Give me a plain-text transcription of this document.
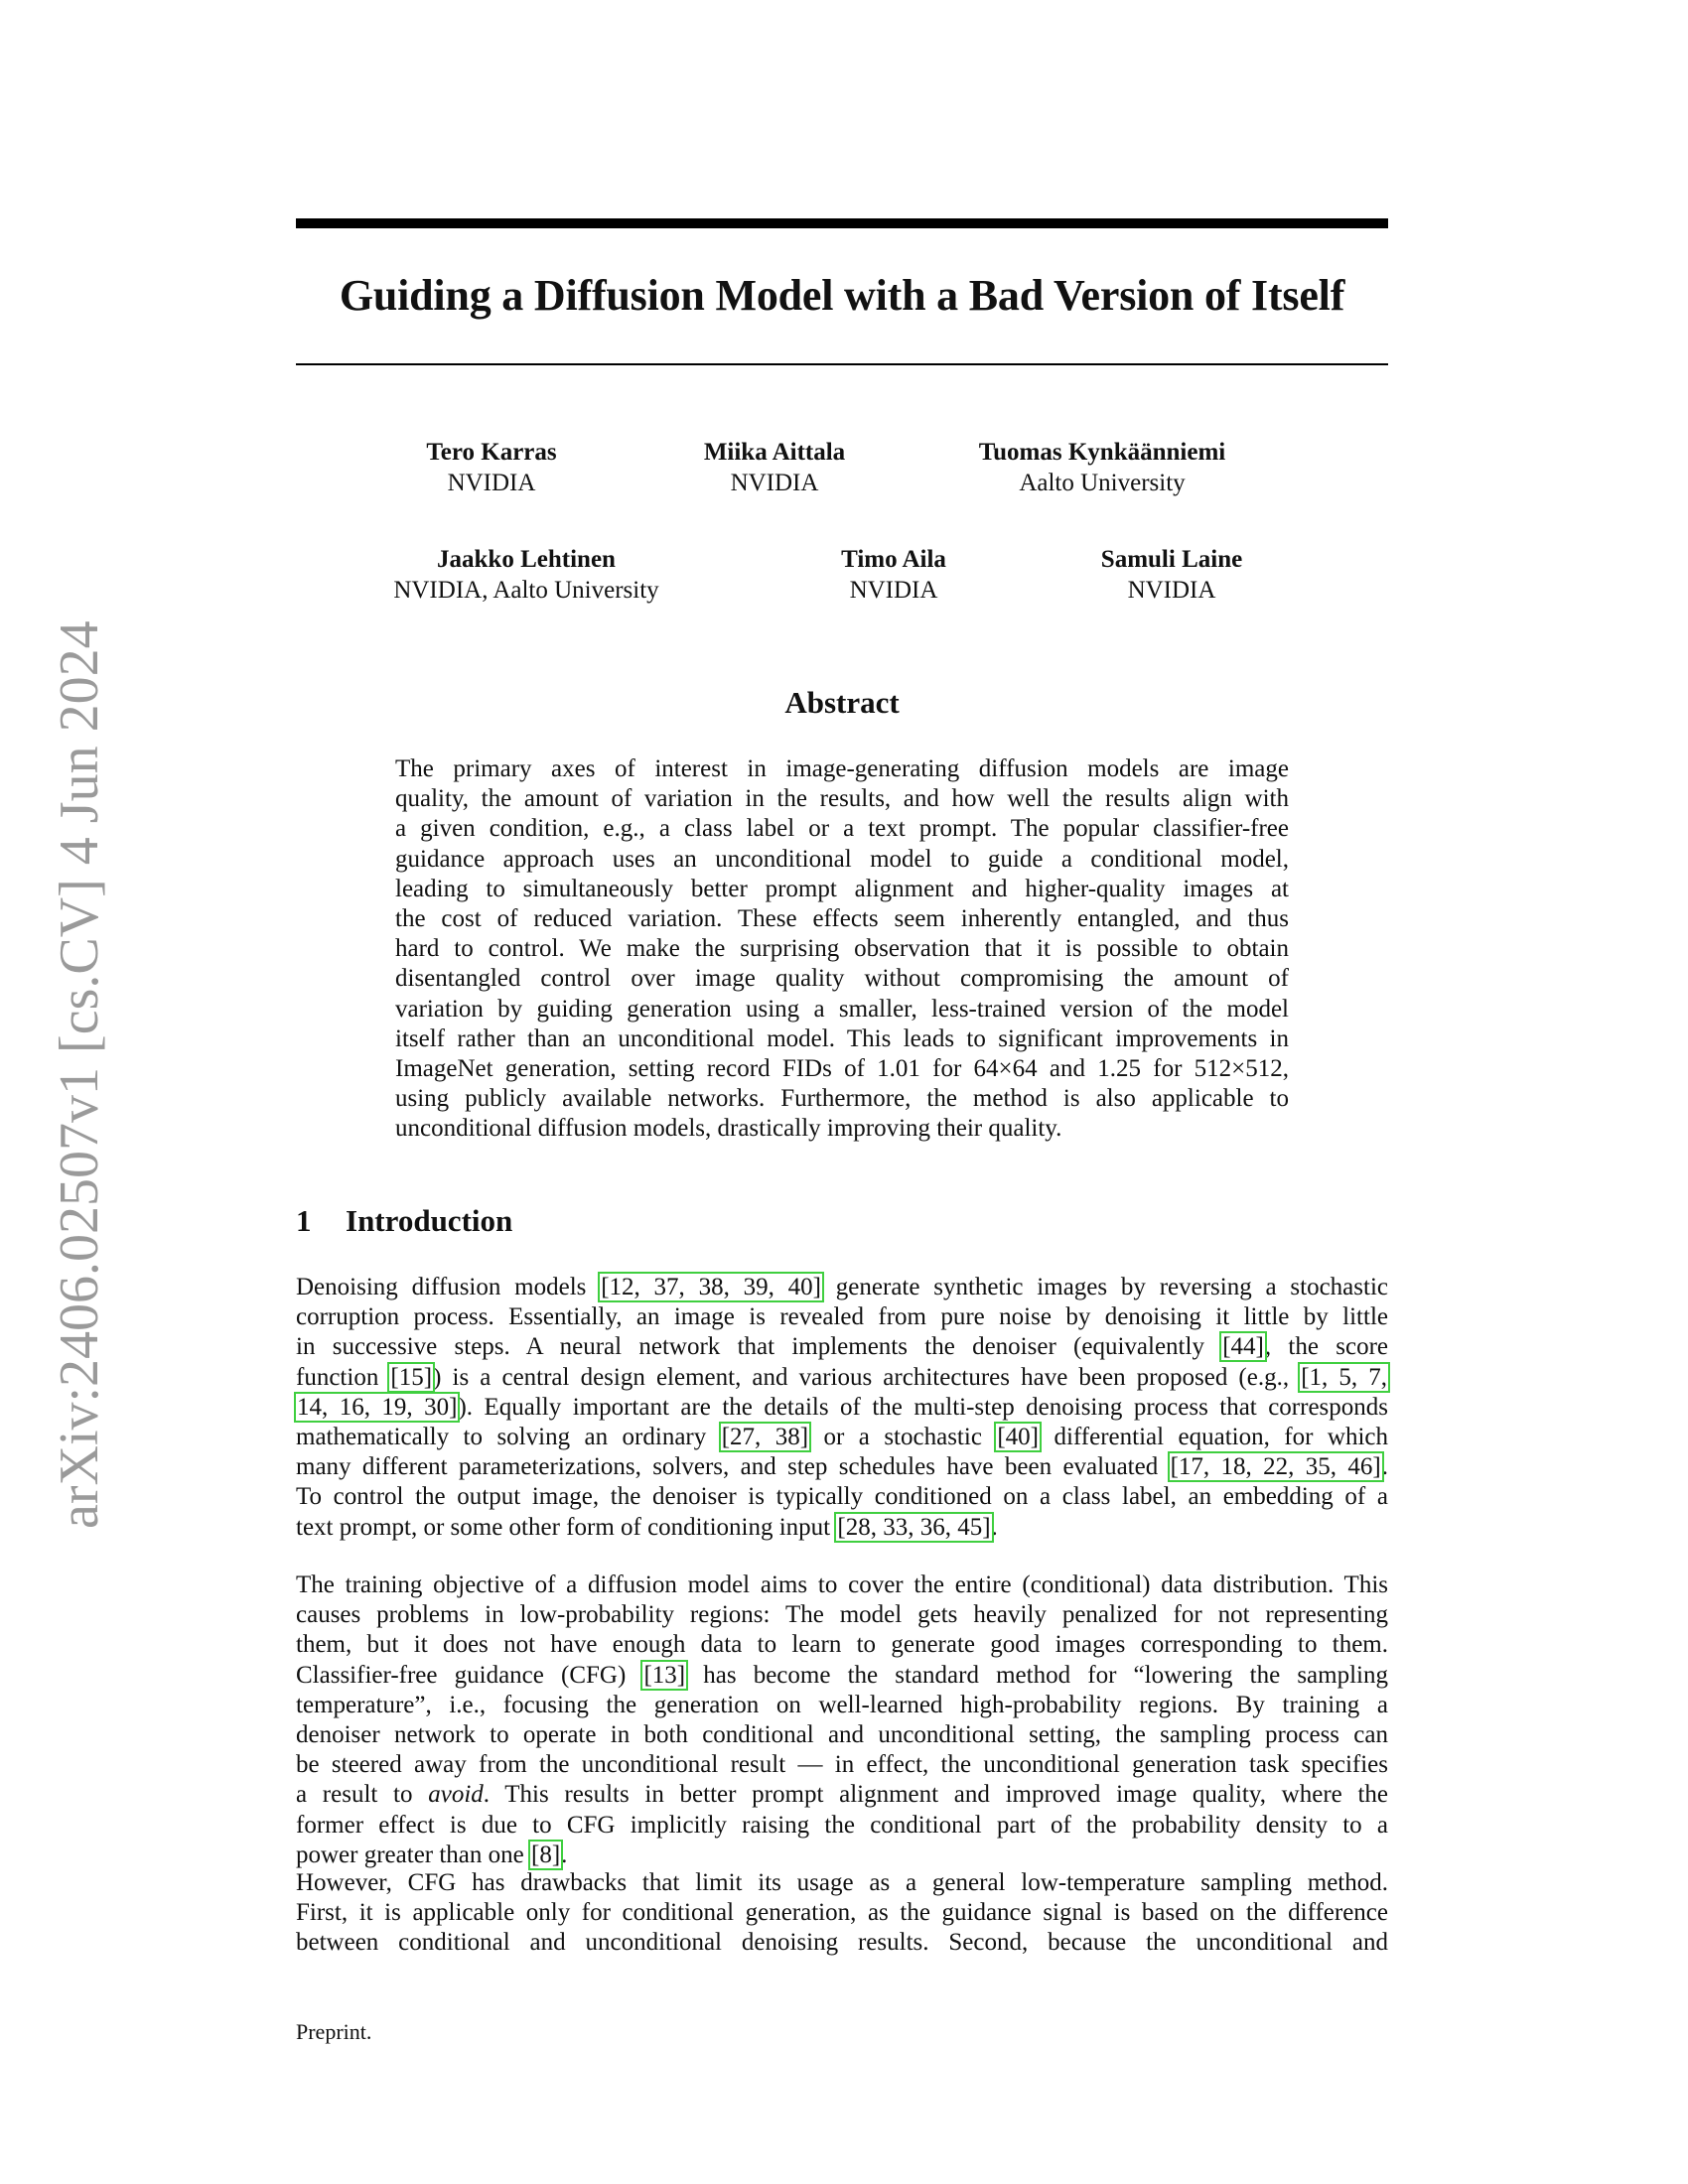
arXiv:2406.02507v1 [cs.CV] 4 Jun 2024
Guiding a Diffusion Model with a Bad Version of Itself
Tero Karras
NVIDIA
Miika Aittala
NVIDIA
Tuomas Kynkäänniemi
Aalto University
Jaakko Lehtinen
NVIDIA, Aalto University
Timo Aila
NVIDIA
Samuli Laine
NVIDIA
Abstract
The primary axes of interest in image-generating diffusion models are image
quality, the amount of variation in the results, and how well the results align with
a given condition, e.g., a class label or a text prompt. The popular classifier-free
guidance approach uses an unconditional model to guide a conditional model,
leading to simultaneously better prompt alignment and higher-quality images at
the cost of reduced variation. These effects seem inherently entangled, and thus
hard to control. We make the surprising observation that it is possible to obtain
disentangled control over image quality without compromising the amount of
variation by guiding generation using a smaller, less-trained version of the model
itself rather than an unconditional model. This leads to significant improvements in
ImageNet generation, setting record FIDs of 1.01 for 64×64 and 1.25 for 512×512,
using publicly available networks. Furthermore, the method is also applicable to
unconditional diffusion models, drastically improving their quality.
1 Introduction
Denoising diffusion models [12, 37, 38, 39, 40] generate synthetic images by reversing a stochastic
corruption process. Essentially, an image is revealed from pure noise by denoising it little by little
in successive steps. A neural network that implements the denoiser (equivalently [44], the score
function [15]) is a central design element, and various architectures have been proposed (e.g., [1, 5, 7,
14, 16, 19, 30]). Equally important are the details of the multi-step denoising process that corresponds
mathematically to solving an ordinary [27, 38] or a stochastic [40] differential equation, for which
many different parameterizations, solvers, and step schedules have been evaluated [17, 18, 22, 35, 46].
To control the output image, the denoiser is typically conditioned on a class label, an embedding of a
text prompt, or some other form of conditioning input [28, 33, 36, 45].
The training objective of a diffusion model aims to cover the entire (conditional) data distribution. This
causes problems in low-probability regions: The model gets heavily penalized for not representing
them, but it does not have enough data to learn to generate good images corresponding to them.
Classifier-free guidance (CFG) [13] has become the standard method for “lowering the sampling
temperature”, i.e., focusing the generation on well-learned high-probability regions. By training a
denoiser network to operate in both conditional and unconditional setting, the sampling process can
be steered away from the unconditional result — in effect, the unconditional generation task specifies
a result to avoid. This results in better prompt alignment and improved image quality, where the
former effect is due to CFG implicitly raising the conditional part of the probability density to a
power greater than one [8].
However, CFG has drawbacks that limit its usage as a general low-temperature sampling method.
First, it is applicable only for conditional generation, as the guidance signal is based on the difference
between conditional and unconditional denoising results. Second, because the unconditional and
Preprint.
